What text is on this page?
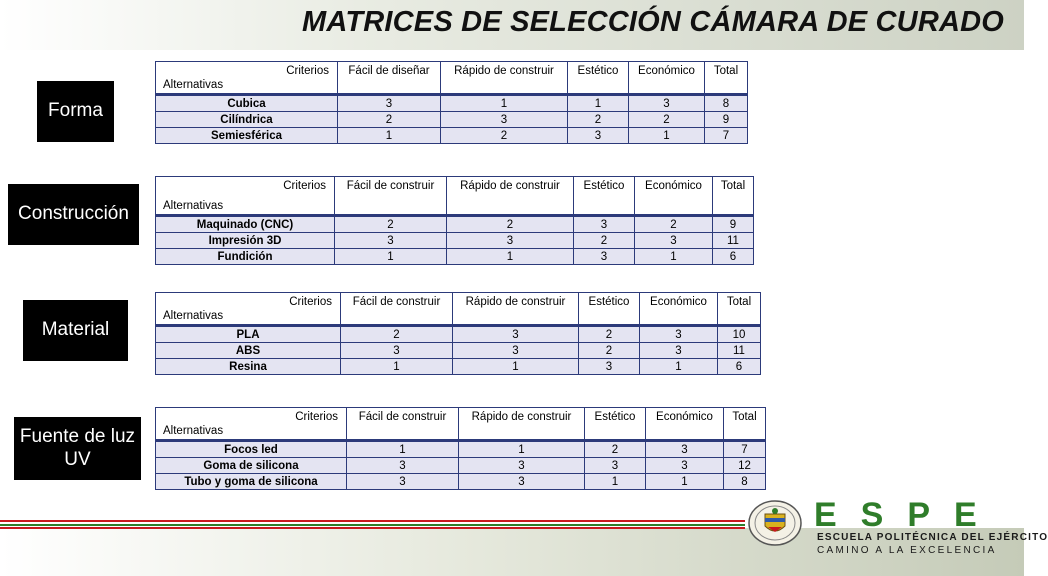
MATRICES DE SELECCIÓN CÁMARA DE CURADO
Forma
Construcción
Material
Fuente de luz UV
Criterios
Alternativas	Fácil de diseñar	Rápido de construir	Estético	Económico	Total
Cubica	3	1	1	3	8
Cilíndrica	2	3	2	2	9
Semiesférica	1	2	3	1	7
Criterios
Alternativas	Fácil de construir	Rápido de construir	Estético	Económico	Total
Maquinado (CNC)	2	2	3	2	9
Impresión 3D	3	3	2	3	11
Fundición	1	1	3	1	6
Criterios
Alternativas	Fácil de construir	Rápido de construir	Estético	Económico	Total
PLA	2	3	2	3	10
ABS	3	3	2	3	11
Resina	1	1	3	1	6
Criterios
Alternativas	Fácil de construir	Rápido de construir	Estético	Económico	Total
Focos led	1	1	2	3	7
Goma de silicona	3	3	3	3	12
Tubo y goma de silicona	3	3	1	1	8
ESPE
ESCUELA POLITÉCNICA DEL EJÉRCITO
CAMINO A LA EXCELENCIA
